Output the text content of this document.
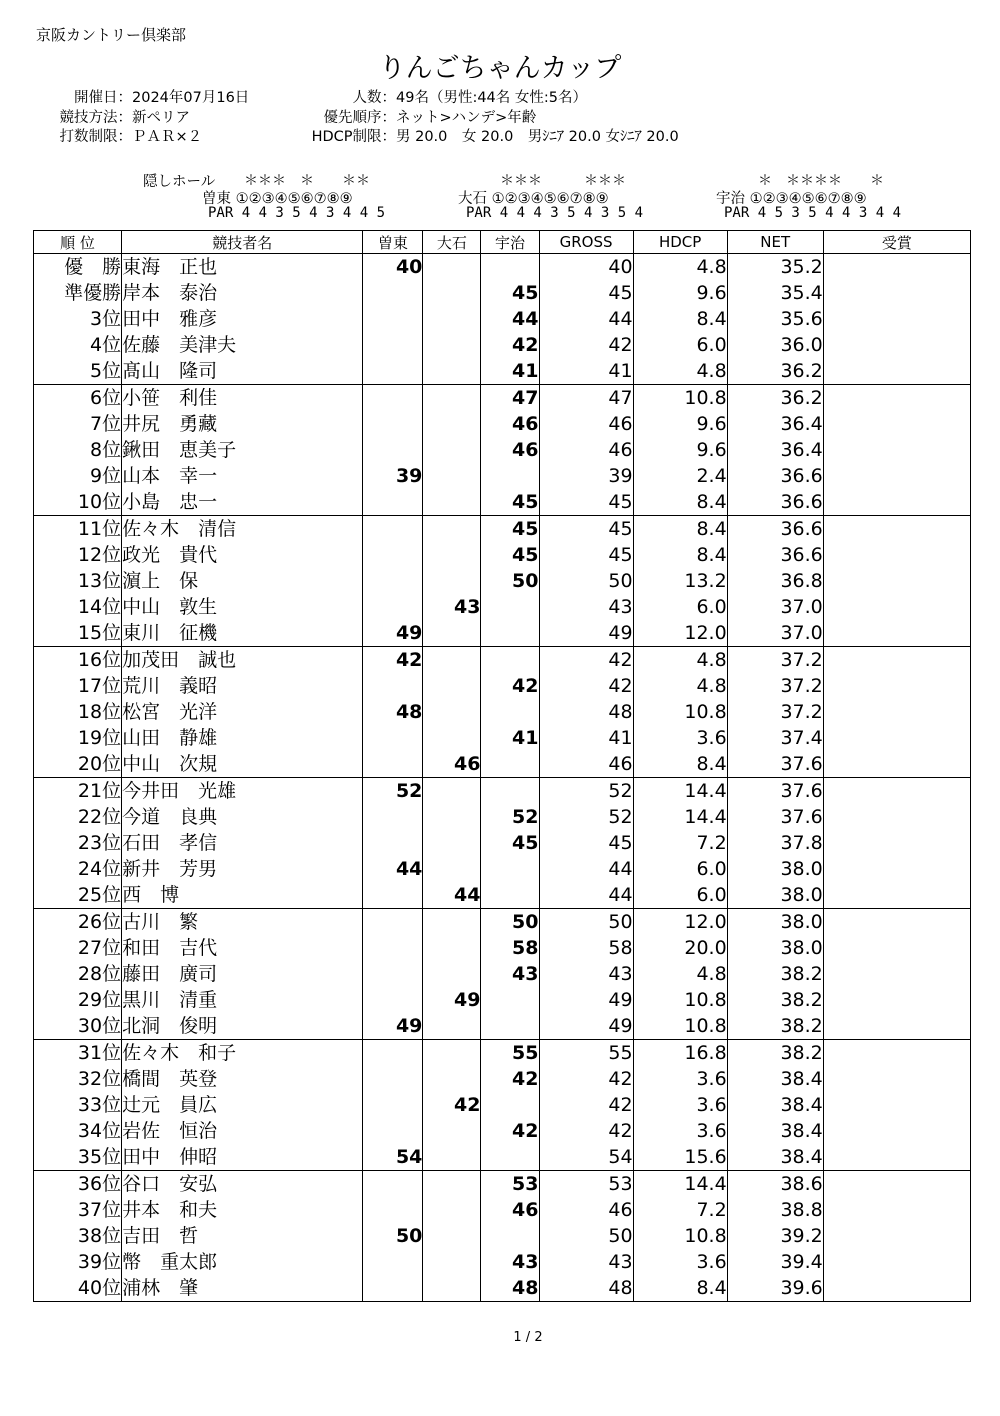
京阪カントリー倶楽部
りんごちゃんカップ
開催日：2024年07月16日
競技方法：新ペリア
打数制限：ＰＡＲ×２
人数：49名（男性:44名 女性:5名）
優先順序：ネット>ハンデ>年齢
HDCP制限：男 20.0　女 20.0　男ｼﾆｱ 20.0 女ｼﾆｱ 20.0
隠しホール ＊＊＊　＊　　＊＊
曽東 ①②③④⑤⑥⑦⑧⑨
PAR 4 4 3 5 4 3 4 4 5
＊＊＊　　　＊＊＊
大石 ①②③④⑤⑥⑦⑧⑨
PAR 4 4 4 3 5 4 3 5 4
＊　＊＊＊＊　　＊
宇治 ①②③④⑤⑥⑦⑧⑨
PAR 4 5 3 5 4 4 3 4 4
順 位	競技者名	曽東	大石	宇治	GROSS	HDCP	NET	受賞
優　勝	東海　正也	40			40	4.8	35.2	
準優勝	岸本　泰治			45	45	9.6	35.4	
3位	田中　雅彦			44	44	8.4	35.6	
4位	佐藤　美津夫			42	42	6.0	36.0	
5位	髙山　隆司			41	41	4.8	36.2	
6位	小笹　利佳			47	47	10.8	36.2	
7位	井尻　勇藏			46	46	9.6	36.4	
8位	鍬田　恵美子			46	46	9.6	36.4	
9位	山本　幸一	39			39	2.4	36.6	
10位	小島　忠一			45	45	8.4	36.6	
11位	佐々木　清信			45	45	8.4	36.6	
12位	政光　貴代			45	45	8.4	36.6	
13位	濵上　保			50	50	13.2	36.8	
14位	中山　敦生		43		43	6.0	37.0	
15位	東川　征機	49			49	12.0	37.0	
16位	加茂田　誠也	42			42	4.8	37.2	
17位	荒川　義昭			42	42	4.8	37.2	
18位	松宮　光洋	48			48	10.8	37.2	
19位	山田　静雄			41	41	3.6	37.4	
20位	中山　次規		46		46	8.4	37.6	
21位	今井田　光雄	52			52	14.4	37.6	
22位	今道　良典			52	52	14.4	37.6	
23位	石田　孝信			45	45	7.2	37.8	
24位	新井　芳男	44			44	6.0	38.0	
25位	西　博		44		44	6.0	38.0	
26位	古川　繁			50	50	12.0	38.0	
27位	和田　吉代			58	58	20.0	38.0	
28位	藤田　廣司			43	43	4.8	38.2	
29位	黒川　清重		49		49	10.8	38.2	
30位	北洞　俊明	49			49	10.8	38.2	
31位	佐々木　和子			55	55	16.8	38.2	
32位	橋間　英登			42	42	3.6	38.4	
33位	辻元　員広		42		42	3.6	38.4	
34位	岩佐　恒治			42	42	3.6	38.4	
35位	田中　伸昭	54			54	15.6	38.4	
36位	谷口　安弘			53	53	14.4	38.6	
37位	井本　和夫			46	46	7.2	38.8	
38位	吉田　哲	50			50	10.8	39.2	
39位	幣　重太郎			43	43	3.6	39.4	
40位	浦林　肇			48	48	8.4	39.6	
1 / 2
